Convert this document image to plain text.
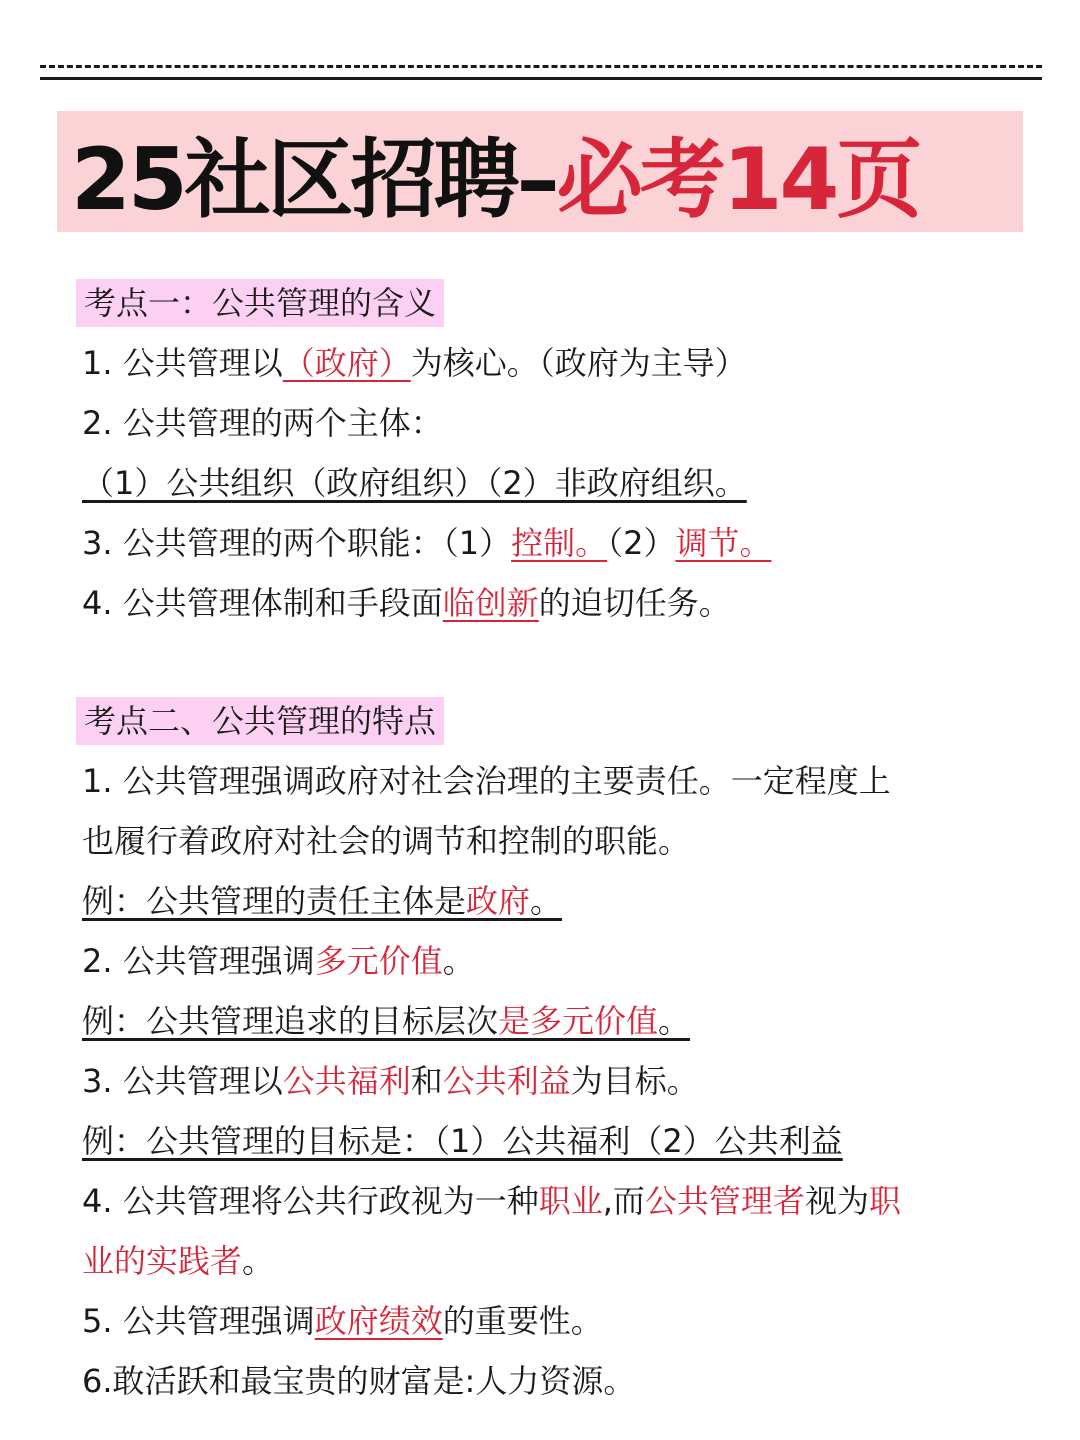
25社区招聘– 必考14页
考点一：公共管理的含义
1. 公共管理以（政府）为核心。（政府为主导）
2. 公共管理的两个主体：
（1）公共组织（政府组织）（2）非政府组织。
3. 公共管理的两个职能：（1）控制。（2）调节。
4. 公共管理体制和手段面临创新的迫切任务。
考点二、公共管理的特点
1. 公共管理强调政府对社会治理的主要责任。一定程度上
也履行着政府对社会的调节和控制的职能。
例：公共管理的责任主体是政府。
2. 公共管理强调多元价值。
例：公共管理追求的目标层次是多元价值。
3. 公共管理以公共福利和公共利益为目标。
例：公共管理的目标是：（1）公共福利（2）公共利益
4. 公共管理将公共行政视为一种职业,而公共管理者视为职
业的实践者。
5. 公共管理强调政府绩效的重要性。
6.敢活跃和最宝贵的财富是:人力资源。
